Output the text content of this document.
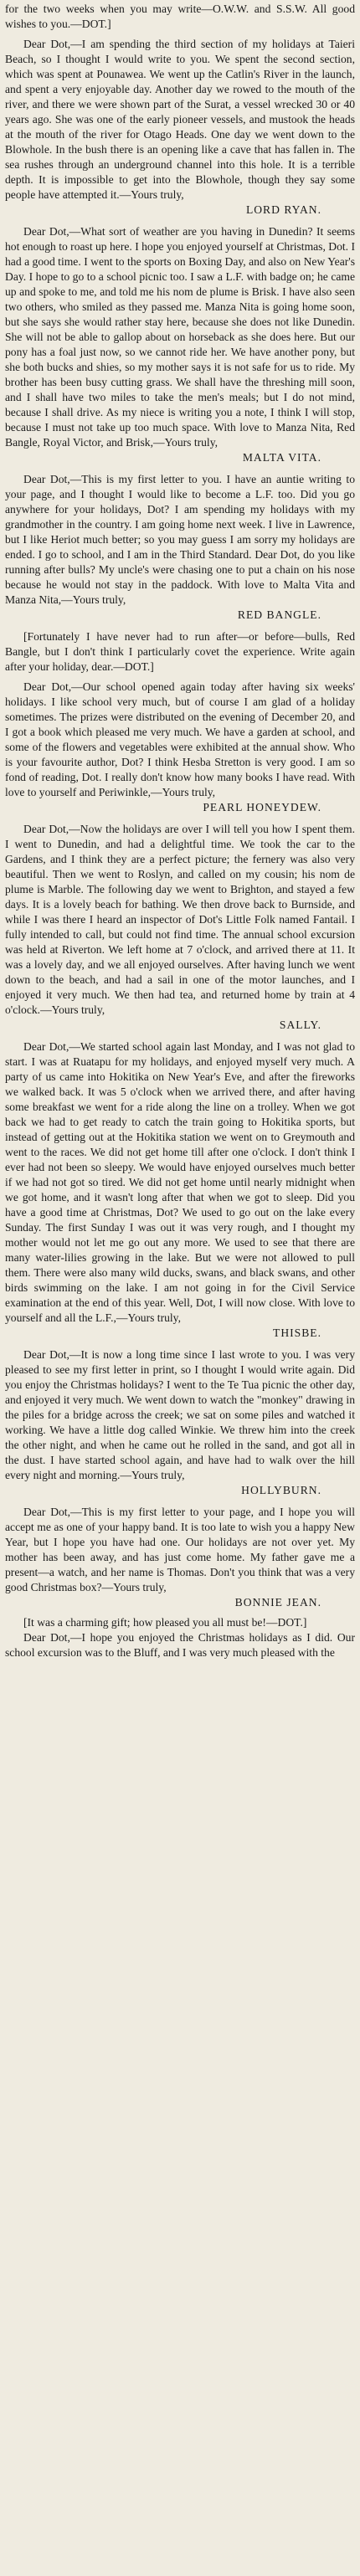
for the two weeks when you may write—O.W.W. and S.S.W. All good wishes to you.—DOT.]

Dear Dot,—I am spending the third section of my holidays at Taieri Beach, so I thought I would write to you. We spent the second section, which was spent at Pounawea. We went up the Catlin's River in the launch, and spent a very enjoyable day. Another day we rowed to the mouth of the river, and there we were shown part of the Surat, a vessel wrecked 30 or 40 years ago. She was one of the early pioneer vessels, and mustook the heads at the mouth of the river for Otago Heads. One day we went down to the Blowhole. In the bush there is an opening like a cave that has fallen in. The sea rushes through an underground channel into this hole. It is a terrible depth. It is impossible to get into the Blowhole, though they say some people have attempted it.—Yours truly,

LORD RYAN.

Dear Dot,—What sort of weather are you having in Dunedin? It seems hot enough to roast up here. I hope you enjoyed yourself at Christmas, Dot. I had a good time. I went to the sports on Boxing Day, and also on New Year's Day. I hope to go to a school picnic too. I saw a L.F. with badge on; he came up and spoke to me, and told me his nom de plume is Brisk. I have also seen two others, who smiled as they passed me. Manza Nita is going home soon, but she says she would rather stay here, because she does not like Dunedin. She will not be able to gallop about on horseback as she does here. But our pony has a foal just now, so we cannot ride her. We have another pony, but she both bucks and shies, so my mother says it is not safe for us to ride. My brother has been busy cutting grass. We shall have the threshing mill soon, and I shall have two miles to take the men's meals; but I do not mind, because I shall drive. As my niece is writing you a note, I think I will stop, because I must not take up too much space. With love to Manza Nita, Red Bangle, Royal Victor, and Brisk,—Yours truly,

MALTA VITA.

Dear Dot,—This is my first letter to you. I have an auntie writing to your page, and I thought I would like to become a L.F. too. Did you go anywhere for your holidays, Dot? I am spending my holidays with my grandmother in the country. I am going home next week. I live in Lawrence, but I like Heriot much better; so you may guess I am sorry my holidays are ended. I go to school, and I am in the Third Standard. Dear Dot, do you like running after bulls? My uncle's were chasing one to put a chain on his nose because he would not stay in the paddock. With love to Malta Vita and Manza Nita,—Yours truly,

RED BANGLE.

[Fortunately I have never had to run after—or before—bulls, Red Bangle, but I don't think I particularly covet the experience. Write again after your holiday, dear.—DOT.]

Dear Dot,—Our school opened again today after having six weeks' holidays. I like school very much, but of course I am glad of a holiday sometimes. The prizes were distributed on the evening of December 20, and I got a book which pleased me very much. We have a garden at school, and some of the flowers and vegetables were exhibited at the annual show. Who is your favourite author, Dot? I think Hesba Stretton is very good. I am so fond of reading, Dot. I really don't know how many books I have read. With love to yourself and Periwinkle,—Yours truly,

PEARL HONEYDEW.

Dear Dot,—Now the holidays are over I will tell you how I spent them. I went to Dunedin, and had a delightful time. We took the car to the Gardens, and I think they are a perfect picture; the fernery was also very beautiful. Then we went to Roslyn, and called on my cousin; his nom de plume is Marble. The following day we went to Brighton, and stayed a few days. It is a lovely beach for bathing. We then drove back to Burnside, and while I was there I heard an inspector of Dot's Little Folk named Fantail. I fully intended to call, but could not find time. The annual school excursion was held at Riverton. We left home at 7 o'clock, and arrived there at 11. It was a lovely day, and we all enjoyed ourselves. After having lunch we went down to the beach, and had a sail in one of the motor launches, and I enjoyed it very much. We then had tea, and returned home by train at 4 o'clock.—Yours truly,

SALLY.

Dear Dot,—We started school again last Monday, and I was not glad to start. I was at Ruatapu for my holidays, and enjoyed myself very much. A party of us came into Hokitika on New Year's Eve, and after the fireworks we walked back. It was 5 o'clock when we arrived there, and after having some breakfast we went for a ride along the line on a trolley. When we got back we had to get ready to catch the train going to Hokitika sports, but instead of getting out at the Hokitika station we went on to Greymouth and went to the races. We did not get home till after one o'clock. I don't think I ever had not been so sleepy. We would have enjoyed ourselves much better if we had not got so tired. We did not get home until nearly midnight when we got home, and it wasn't long after that when we got to sleep. Did you have a good time at Christmas, Dot? We used to go out on the lake every Sunday. The first Sunday I was out it was very rough, and I thought my mother would not let me go out any more. We used to see that there are many water-lilies growing in the lake. But we were not allowed to pull them. There were also many wild ducks, swans, and black swans, and other birds swimming on the lake. I am not going in for the Civil Service examination at the end of this year. Well, Dot, I will now close. With love to yourself and all the L.F.,—Yours truly,

THISBE.

Dear Dot,—It is now a long time since I last wrote to you. I was very pleased to see my first letter in print, so I thought I would write again. Did you enjoy the Christmas holidays? I went to the Te Tua picnic the other day, and enjoyed it very much. We went down to watch the "monkey" drawing in the piles for a bridge across the creek; we sat on some piles and watched it working. We have a little dog called Winkie. We threw him into the creek the other night, and when he came out he rolled in the sand, and got all in the dust. I have started school again, and have had to walk over the hill every night and morning.—Yours truly,

HOLLYBURN.

Dear Dot,—This is my first letter to your page, and I hope you will accept me as one of your happy band. It is too late to wish you a happy New Year, but I hope you have had one. Our holidays are not over yet. My mother has been away, and has just come home. My father gave me a present—a watch, and her name is Thomas. Don't you think that was a very good Christmas box?—Yours truly,

BONNIE JEAN.

[It was a charming gift; how pleased you all must be!—DOT.]

Dear Dot,—I hope you enjoyed the Christmas holidays as I did. Our school excursion was to the Bluff, and I was very much pleased with the
